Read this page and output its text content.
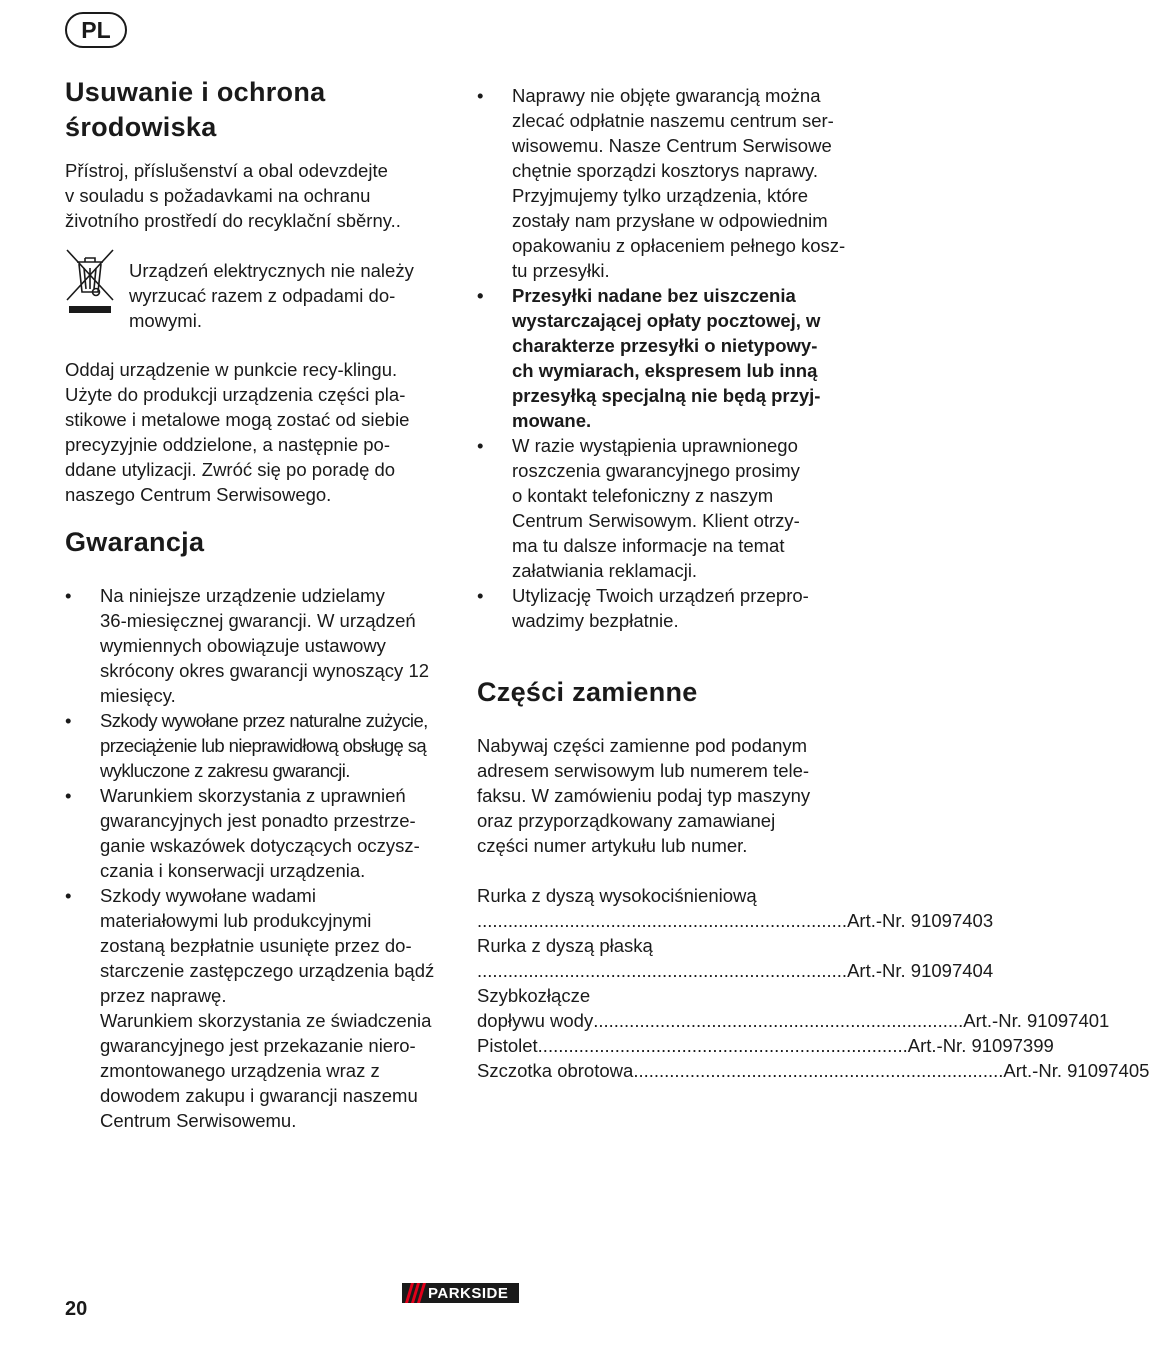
PL
Usuwanie i ochrona
środowiska
Přístroj, příslušenství a obal odevzdejte
v souladu s požadavkami na ochranu
životního prostředí do recyklační sběrny..
Urządzeń elektrycznych nie należy
wyrzucać razem z odpadami do-
mowymi.
Oddaj urządzenie w punkcie recy-klingu.
Użyte do produkcji urządzenia części pla-
stikowe i metalowe mogą zostać od siebie
precyzyjnie oddzielone, a następnie po-
ddane utylizacji. Zwróć się po poradę do
naszego Centrum Serwisowego.
Gwarancja
•	Na niniejsze urządzenie udzielamy
36-miesięcznej gwarancji. W urządzeń
wymiennych obowiązuje ustawowy
skrócony okres gwarancji wynoszący 12
miesięcy.
•	Szkody wywołane przez naturalne zużycie,
przeciążenie lub nieprawidłową obsługę są
wykluczone z zakresu gwarancji.
•	Warunkiem skorzystania z uprawnień
gwarancyjnych jest ponadto przestrze-
ganie wskazówek dotyczących oczysz-
czania i konserwacji urządzenia.
•	Szkody wywołane wadami
materiałowymi lub produkcyjnymi
zostaną bezpłatnie usunięte przez do-
starczenie zastępczego urządzenia bądź
przez naprawę.
Warunkiem skorzystania ze świadczenia
gwarancyjnego jest przekazanie niero-
zmontowanego urządzenia wraz z
dowodem zakupu i gwarancji naszemu
Centrum Serwisowemu.
•	Naprawy nie objęte gwarancją można
zlecać odpłatnie naszemu centrum ser-
wisowemu. Nasze Centrum Serwisowe
chętnie sporządzi kosztorys naprawy.
Przyjmujemy tylko urządzenia, które
zostały nam przysłane w odpowiednim
opakowaniu z opłaceniem pełnego kosz-
tu przesyłki.
•	Przesyłki nadane bez uiszczenia
wystarczającej opłaty pocztowej, w
charakterze przesyłki o nietypowy-
ch wymiarach, ekspresem lub inną
przesyłką specjalną nie będą przyj-
mowane.
•	W razie wystąpienia uprawnionego
roszczenia gwarancyjnego prosimy
o kontakt telefoniczny z naszym
Centrum Serwisowym. Klient otrzy-
ma tu dalsze informacje na temat
załatwiania reklamacji.
•	Utylizację Twoich urządzeń przepro-
wadzimy bezpłatnie.
Części zamienne
Nabywaj części zamienne pod podanym
adresem serwisowym lub numerem tele-
faksu. W zamówieniu podaj typ maszyny
oraz przyporządkowany zamawianej
części numer artykułu lub numer.
Rurka z dyszą wysokociśnieniową
........................................................................ Art.-Nr. 91097403
Rurka z dyszą płaską
........................................................................ Art.-Nr. 91097404
Szybkozłącze
dopływu wody ........................................................................ Art.-Nr. 91097401
Pistolet ........................................................................ Art.-Nr. 91097399
Szczotka obrotowa ........................................................................ Art.-Nr. 91097405
20
PARKSIDE
